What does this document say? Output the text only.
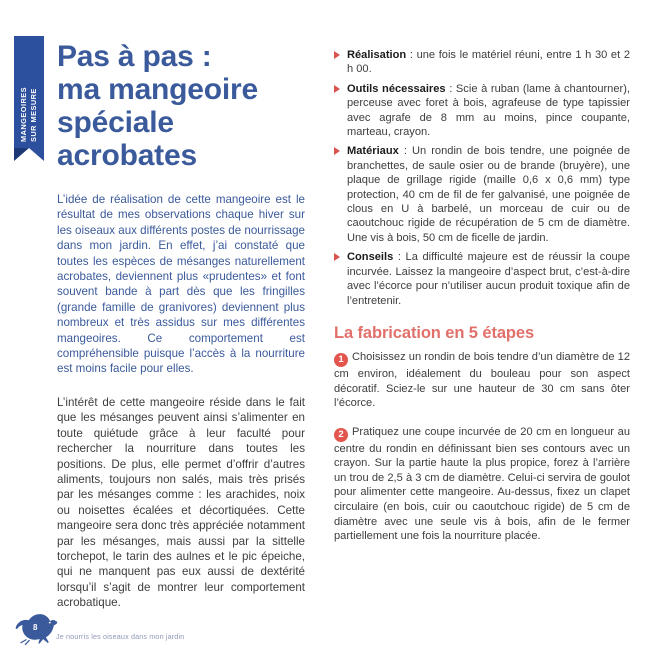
MANGEOIRES SUR MESURE
Pas à pas :
ma mangeoire
spéciale
acrobates

L’idée de réalisation de cette mangeoire est le résultat de mes observations chaque hiver sur les oiseaux aux différents postes de nourrissage dans mon jardin. En effet, j’ai constaté que toutes les espèces de mésanges naturellement acrobates, deviennent plus «prudentes» et font souvent bande à part dès que les fringilles (grande famille de granivores) deviennent plus nombreux et très assidus sur mes différentes mangeoires. Ce comportement est compréhensible puisque l’accès à la nourriture est moins facile pour elles.

L’intérêt de cette mangeoire réside dans le fait que les mésanges peuvent ainsi s’alimenter en toute quiétude grâce à leur faculté pour rechercher la nourriture dans toutes les positions. De plus, elle permet d’offrir d’autres aliments, toujours non salés, mais très prisés par les mésanges comme : les arachides, noix ou noisettes écalées et décortiquées. Cette mangeoire sera donc très appréciée notamment par les mésanges, mais aussi par la sittelle torchepot, le tarin des aulnes et le pic épeiche, qui ne manquent pas eux aussi de dextérité lorsqu’il s’agit de montrer leur comportement acrobatique.

Réalisation : une fois le matériel réuni, entre 1 h 30 et 2 h 00.
Outils nécessaires : Scie à ruban (lame à chantourner), perceuse avec foret à bois, agrafeuse de type tapissier avec agrafe de 8 mm au moins, pince coupante, marteau, crayon.
Matériaux : Un rondin de bois tendre, une poignée de branchettes, de saule osier ou de brande (bruyère), une plaque de grillage rigide (maille 0,6 x 0,6 mm) type protection, 40 cm de fil de fer galvanisé, une poignée de clous en U à barbelé, un morceau de cuir ou de caoutchouc rigide de récupération de 5 cm de diamètre. Une vis à bois, 50 cm de ficelle de jardin.
Conseils : La difficulté majeure est de réussir la coupe incurvée. Laissez la mangeoire d’aspect brut, c’est-à-dire avec l’écorce pour n’utiliser aucun produit toxique afin de l’entretenir.
La fabrication en 5 étapes
1 Choisissez un rondin de bois tendre d’un diamètre de 12 cm environ, idéalement du bouleau pour son aspect décoratif. Sciez-le sur une hauteur de 30 cm sans ôter l’écorce.
2 Pratiquez une coupe incurvée de 20 cm en longueur au centre du rondin en définissant bien ses contours avec un crayon. Sur la partie haute la plus propice, forez à l’arrière un trou de 2,5 à 3 cm de diamètre. Celui-ci servira de goulot pour alimenter cette mangeoire. Au-dessus, fixez un clapet circulaire (en bois, cuir ou caoutchouc rigide) de 5 cm de diamètre avec une seule vis à bois, afin de le fermer partiellement une fois la nourriture placée.
8
Je nourris les oiseaux dans mon jardin
